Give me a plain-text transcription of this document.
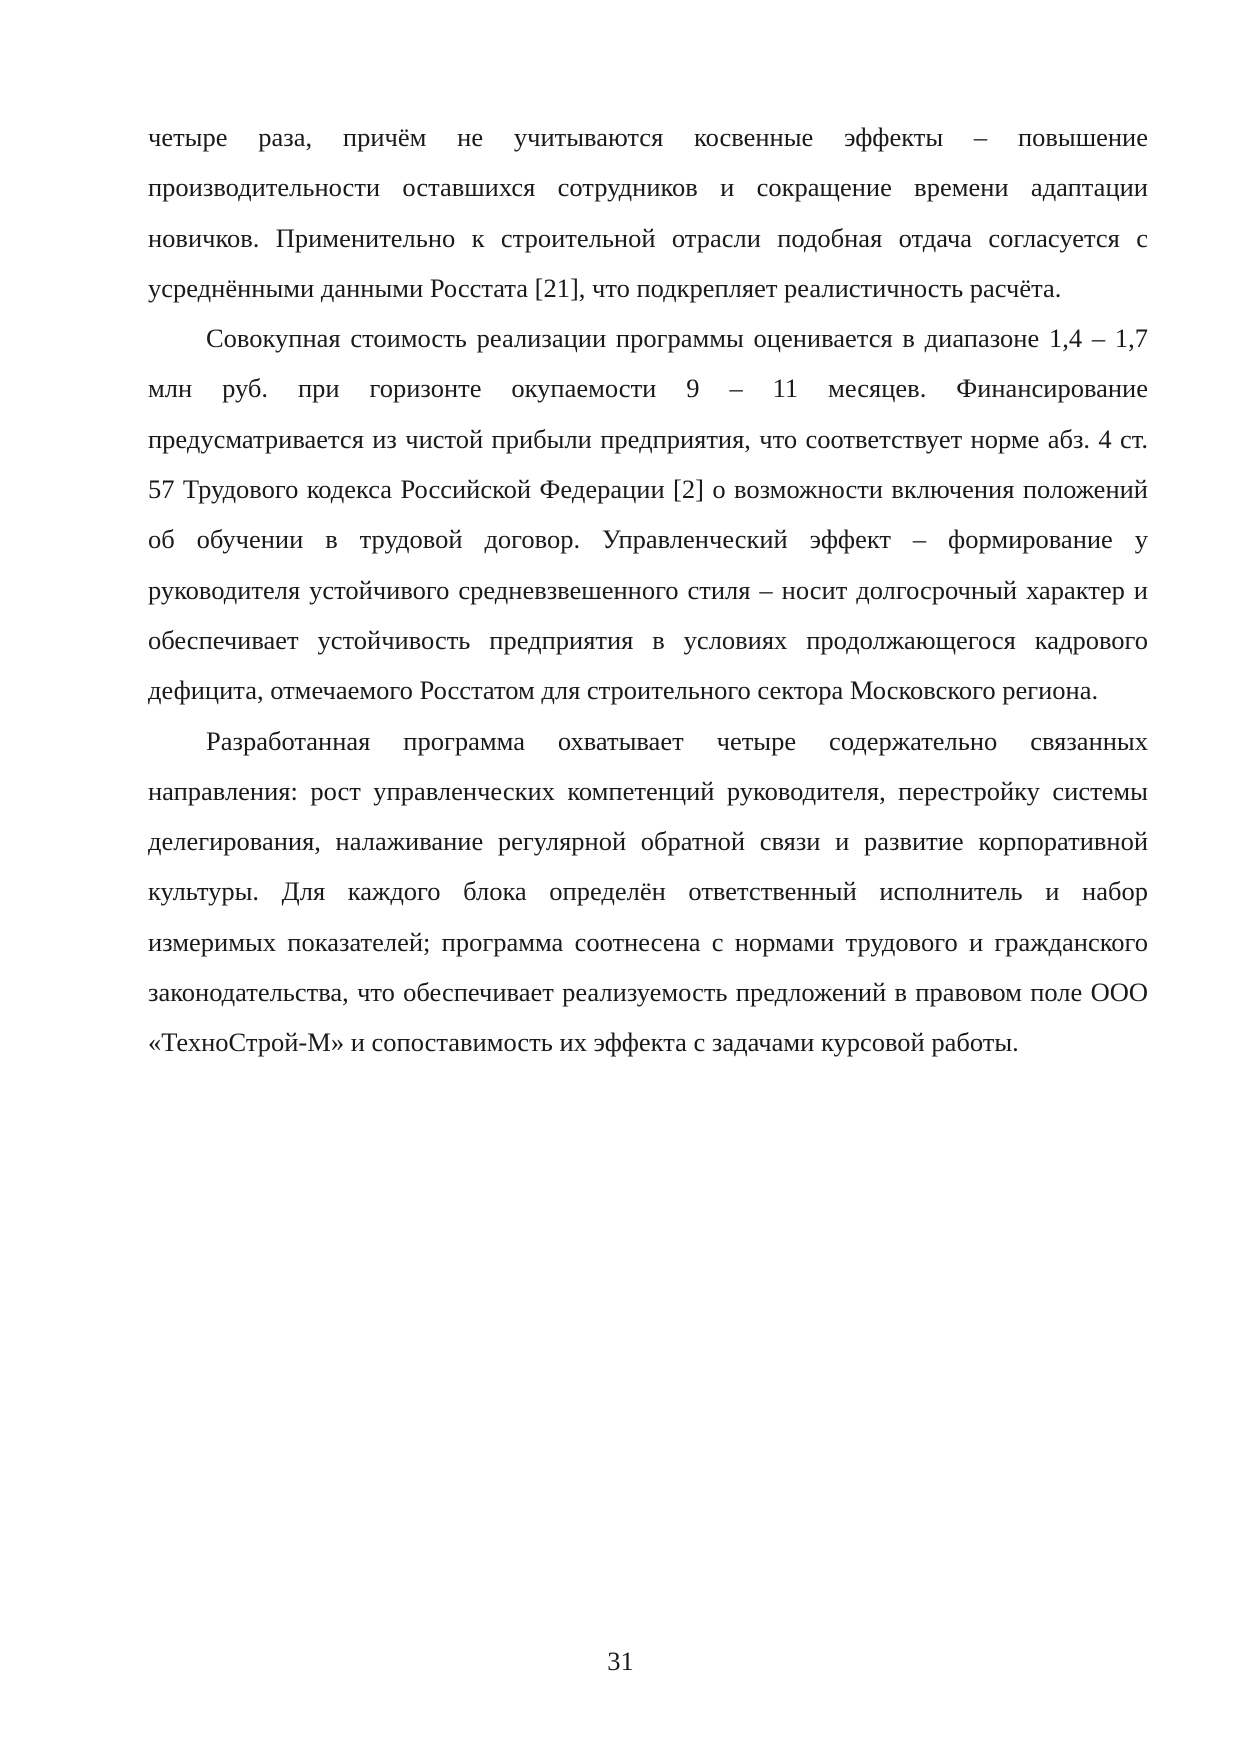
четыре раза, причём не учитываются косвенные эффекты – повышение производительности оставшихся сотрудников и сокращение времени адаптации новичков. Применительно к строительной отрасли подобная отдача согласуется с усреднёнными данными Росстата [21], что подкрепляет реалистичность расчёта.

Совокупная стоимость реализации программы оценивается в диапазоне 1,4 – 1,7 млн руб. при горизонте окупаемости 9 – 11 месяцев. Финансирование предусматривается из чистой прибыли предприятия, что соответствует норме абз. 4 ст. 57 Трудового кодекса Российской Федерации [2] о возможности включения положений об обучении в трудовой договор. Управленческий эффект – формирование у руководителя устойчивого средневзвешенного стиля – носит долгосрочный характер и обеспечивает устойчивость предприятия в условиях продолжающегося кадрового дефицита, отмечаемого Росстатом для строительного сектора Московского региона.

Разработанная программа охватывает четыре содержательно связанных направления: рост управленческих компетенций руководителя, перестройку системы делегирования, налаживание регулярной обратной связи и развитие корпоративной культуры. Для каждого блока определён ответственный исполнитель и набор измеримых показателей; программа соотнесена с нормами трудового и гражданского законодательства, что обеспечивает реализуемость предложений в правовом поле ООО «ТехноСтрой-М» и сопоставимость их эффекта с задачами курсовой работы.

31
